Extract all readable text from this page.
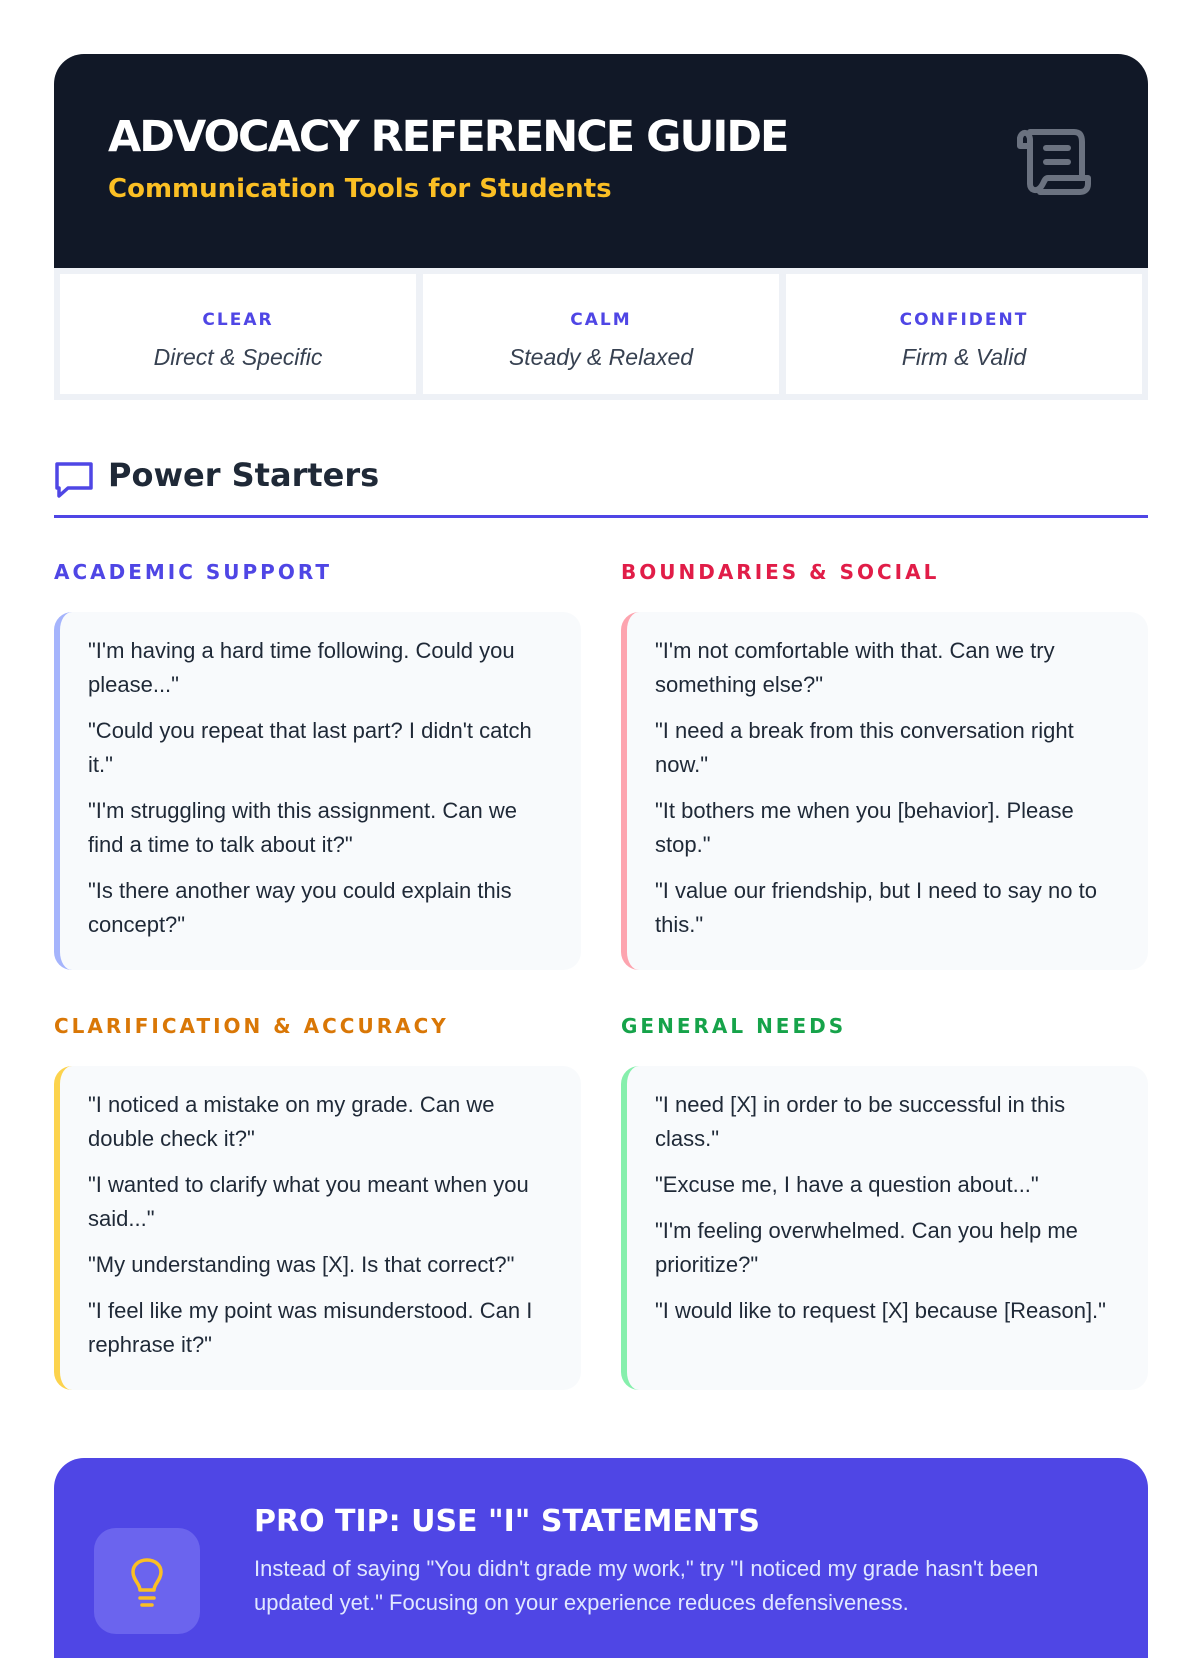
ADVOCACY REFERENCE GUIDE
Communication Tools for Students
CLEAR
Direct & Specific
CALM
Steady & Relaxed
CONFIDENT
Firm & Valid
Power Starters
ACADEMIC SUPPORT
"I'm having a hard time following. Could you please..."
"Could you repeat that last part? I didn't catch it."
"I'm struggling with this assignment. Can we find a time to talk about it?"
"Is there another way you could explain this concept?"
BOUNDARIES & SOCIAL
"I'm not comfortable with that. Can we try something else?"
"I need a break from this conversation right now."
"It bothers me when you [behavior]. Please stop."
"I value our friendship, but I need to say no to this."
CLARIFICATION & ACCURACY
"I noticed a mistake on my grade. Can we double check it?"
"I wanted to clarify what you meant when you said..."
"My understanding was [X]. Is that correct?"
"I feel like my point was misunderstood. Can I rephrase it?"
GENERAL NEEDS
"I need [X] in order to be successful in this class."
"Excuse me, I have a question about..."
"I'm feeling overwhelmed. Can you help me prioritize?"
"I would like to request [X] because [Reason]."
PRO TIP: USE "I" STATEMENTS
Instead of saying "You didn't grade my work," try "I noticed my grade hasn't been updated yet." Focusing on your experience reduces defensiveness.
